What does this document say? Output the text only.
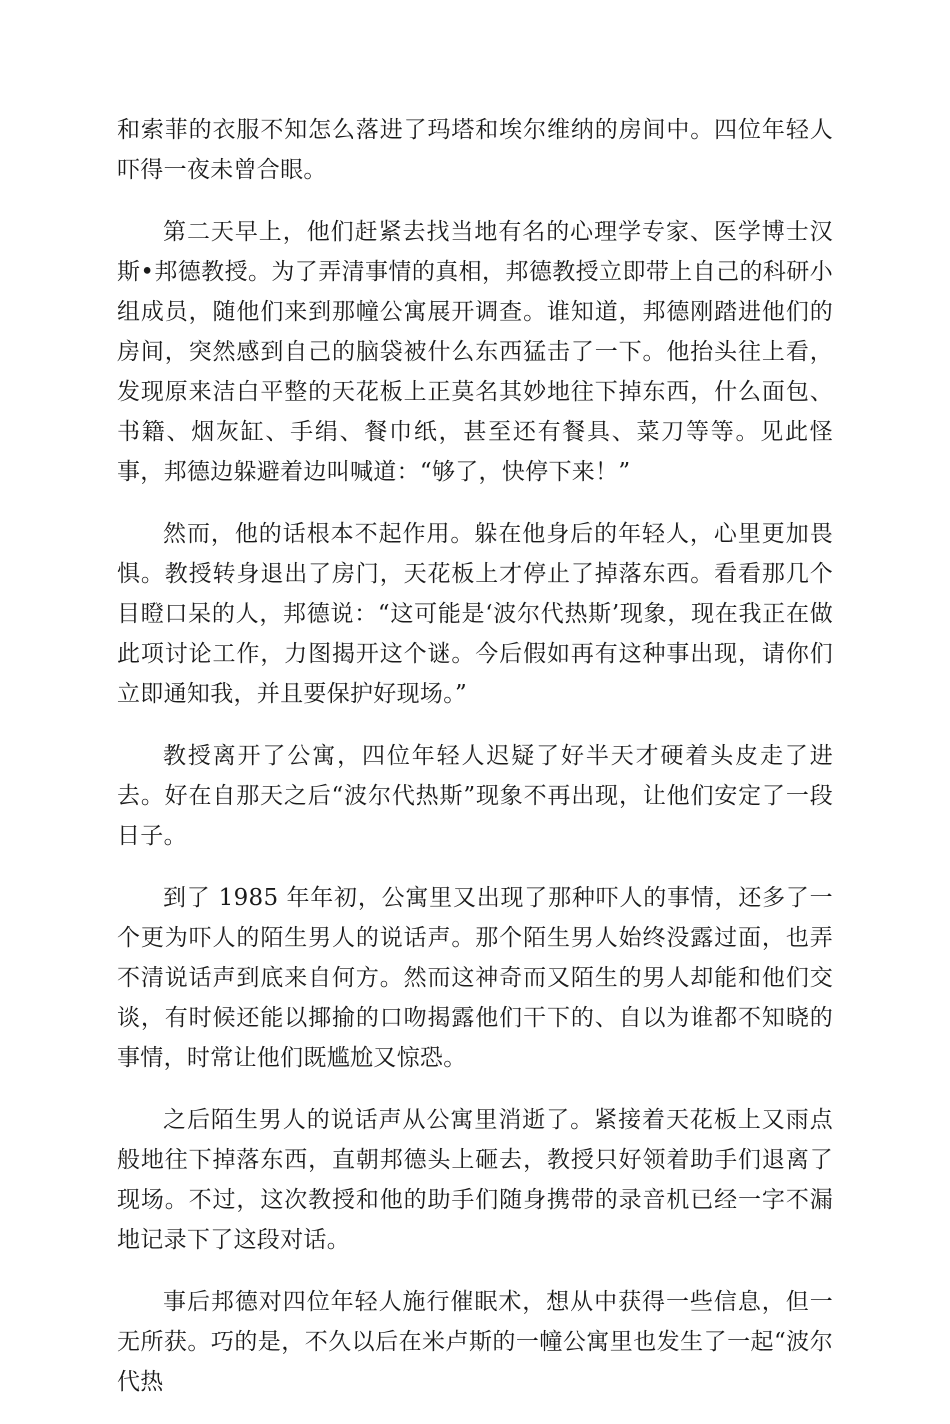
和索菲的衣服不知怎么落进了玛塔和埃尔维纳的房间中。四位年轻人吓得一夜未曾合眼。

第二天早上，他们赶紧去找当地有名的心理学专家、医学博士汉斯•邦德教授。为了弄清事情的真相，邦德教授立即带上自己的科研小组成员，随他们来到那幢公寓展开调查。谁知道，邦德刚踏进他们的房间，突然感到自己的脑袋被什么东西猛击了一下。他抬头往上看，发现原来洁白平整的天花板上正莫名其妙地往下掉东西，什么面包、书籍、烟灰缸、手绢、餐巾纸，甚至还有餐具、菜刀等等。见此怪事，邦德边躲避着边叫喊道：“够了，快停下来！”

然而，他的话根本不起作用。躲在他身后的年轻人，心里更加畏惧。教授转身退出了房门，天花板上才停止了掉落东西。看看那几个目瞪口呆的人，邦德说：“这可能是‘波尔代热斯’现象，现在我正在做此项讨论工作，力图揭开这个谜。今后假如再有这种事出现，请你们立即通知我，并且要保护好现场。”

教授离开了公寓，四位年轻人迟疑了好半天才硬着头皮走了进去。好在自那天之后“波尔代热斯”现象不再出现，让他们安定了一段日子。

到了 1985 年年初，公寓里又出现了那种吓人的事情，还多了一个更为吓人的陌生男人的说话声。那个陌生男人始终没露过面，也弄不清说话声到底来自何方。然而这神奇而又陌生的男人却能和他们交谈，有时候还能以揶揄的口吻揭露他们干下的、自以为谁都不知晓的事情，时常让他们既尴尬又惊恐。

之后陌生男人的说话声从公寓里消逝了。紧接着天花板上又雨点般地往下掉落东西，直朝邦德头上砸去，教授只好领着助手们退离了现场。不过，这次教授和他的助手们随身携带的录音机已经一字不漏地记录下了这段对话。

事后邦德对四位年轻人施行催眠术，想从中获得一些信息，但一无所获。巧的是，不久以后在米卢斯的一幢公寓里也发生了一起“波尔代热
